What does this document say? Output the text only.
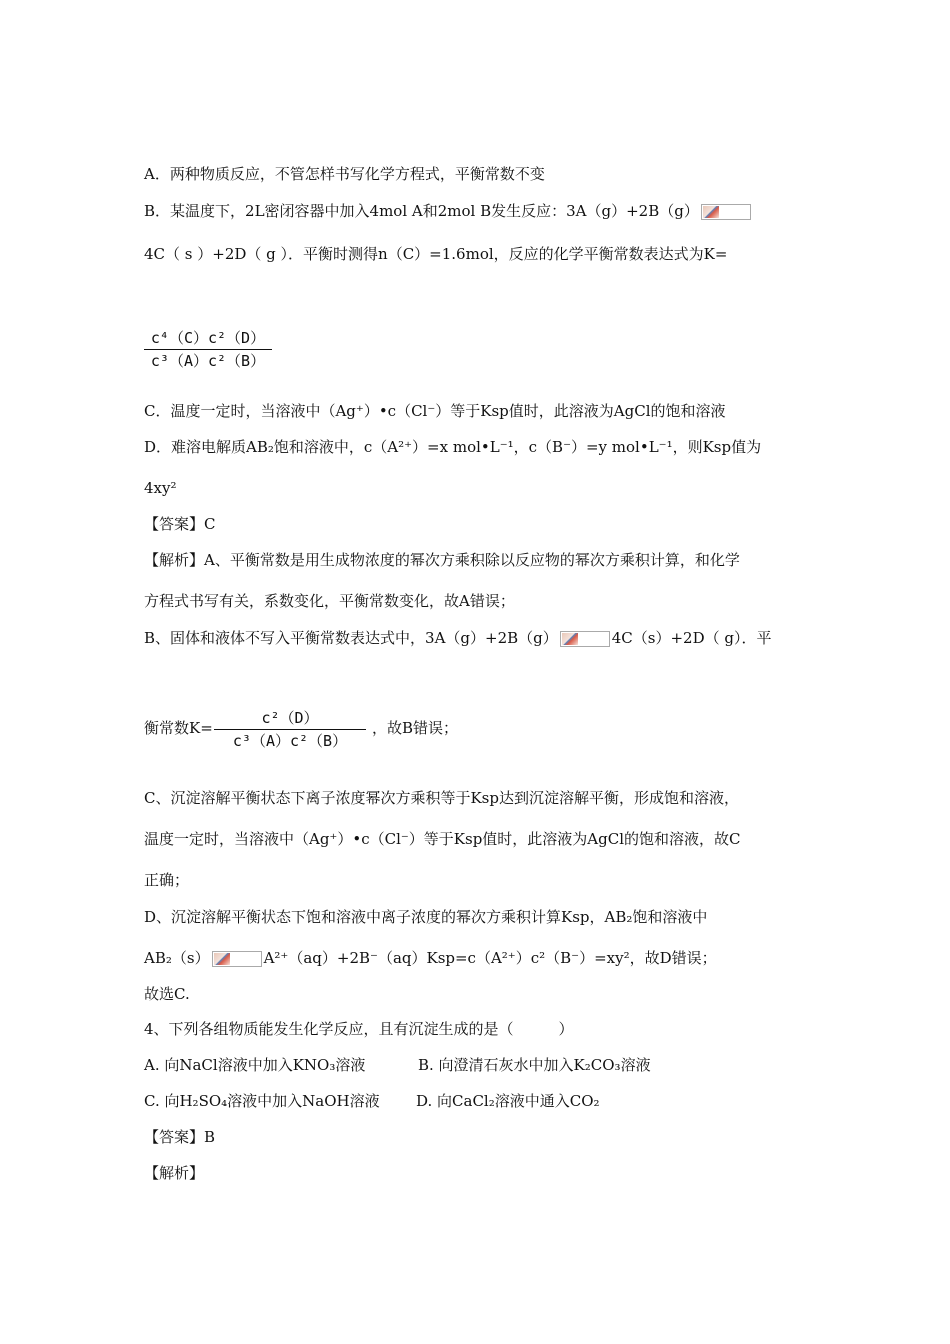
A．两种物质反应，不管怎样书写化学方程式，平衡常数不变
B．某温度下，2L密闭容器中加入4mol A和2mol B发生反应：3A（g）+2B（g）
4C（ s ）+2D（ g ）．平衡时测得n（C）=1.6mol，反应的化学平衡常数表达式为K=
c⁴（C）c²（D）
c³（A）c²（B）
C．温度一定时，当溶液中（Ag⁺）•c（Cl⁻）等于Ksp值时，此溶液为AgCl的饱和溶液
D．难溶电解质AB₂饱和溶液中，c（A²⁺）=x mol•L⁻¹，c（B⁻）=y mol•L⁻¹，则Ksp值为
4xy²
【答案】C
【解析】A、平衡常数是用生成物浓度的幂次方乘积除以反应物的幂次方乘积计算，和化学
方程式书写有关，系数变化，平衡常数变化，故A错误；
B、固体和液体不写入平衡常数表达式中，3A（g）+2B（g）	4C（s）+2D（ g）．平
衡常数K=
c²（D）
c³（A）c²（B）
，故B错误；
C、沉淀溶解平衡状态下离子浓度幂次方乘积等于Ksp达到沉淀溶解平衡，形成饱和溶液，
温度一定时，当溶液中（Ag⁺）•c（Cl⁻）等于Ksp值时，此溶液为AgCl的饱和溶液，故C
正确；
D、沉淀溶解平衡状态下饱和溶液中离子浓度的幂次方乘积计算Ksp，AB₂饱和溶液中
AB₂（s）	A²⁺（aq）+2B⁻（aq）Ksp=c（A²⁺）c²（B⁻）=xy²，故D错误；
故选C.
4、下列各组物质能发生化学反应，且有沉淀生成的是（　　　）
A. 向NaCl溶液中加入KNO₃溶液	B. 向澄清石灰水中加入K₂CO₃溶液
C. 向H₂SO₄溶液中加入NaOH溶液 D. 向CaCl₂溶液中通入CO₂
【答案】B
【解析】
